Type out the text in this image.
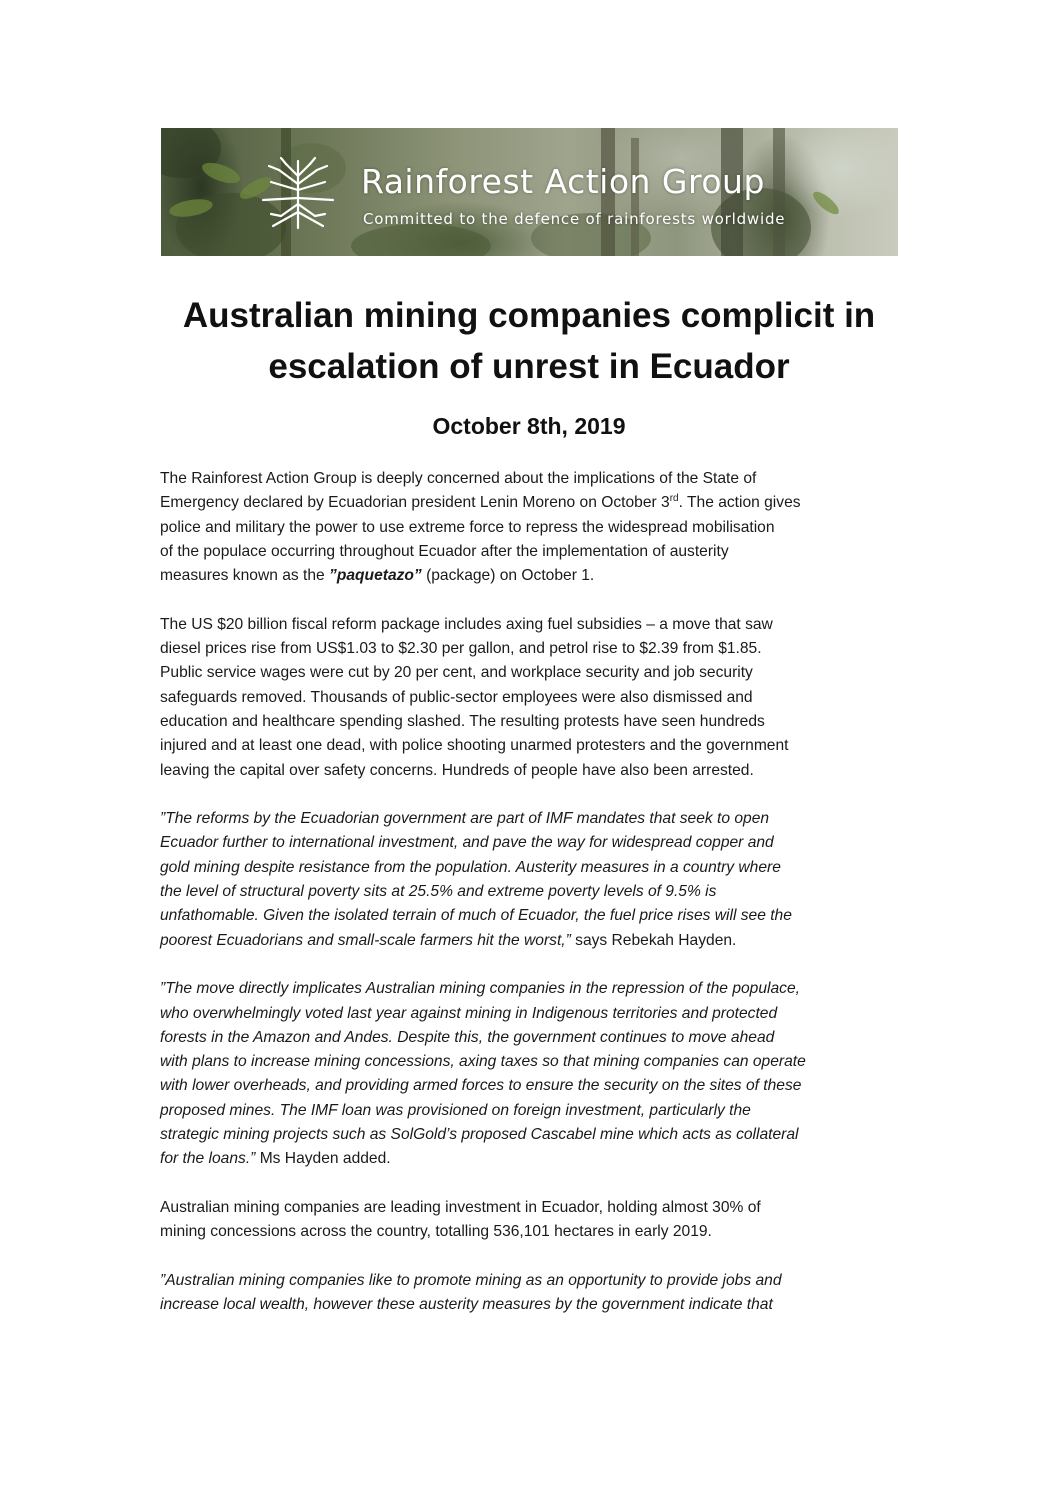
Rainforest Action Group
Committed to the defence of rainforests worldwide
Australian mining companies complicit in
escalation of unrest in Ecuador
October 8th, 2019

The Rainforest Action Group is deeply concerned about the implications of the State of
Emergency declared by Ecuadorian president Lenin Moreno on October 3rd. The action gives
police and military the power to use extreme force to repress the widespread mobilisation
of the populace occurring throughout Ecuador after the implementation of austerity
measures known as the ”paquetazo” (package) on October 1.

The US $20 billion fiscal reform package includes axing fuel subsidies – a move that saw
diesel prices rise from US$1.03 to $2.30 per gallon, and petrol rise to $2.39 from $1.85.
Public service wages were cut by 20 per cent, and workplace security and job security
safeguards removed. Thousands of public-sector employees were also dismissed and
education and healthcare spending slashed. The resulting protests have seen hundreds
injured and at least one dead, with police shooting unarmed protesters and the government
leaving the capital over safety concerns. Hundreds of people have also been arrested.

”The reforms by the Ecuadorian government are part of IMF mandates that seek to open
Ecuador further to international investment, and pave the way for widespread copper and
gold mining despite resistance from the population. Austerity measures in a country where
the level of structural poverty sits at 25.5% and extreme poverty levels of 9.5% is
unfathomable. Given the isolated terrain of much of Ecuador, the fuel price rises will see the
poorest Ecuadorians and small-scale farmers hit the worst,” says Rebekah Hayden.

”The move directly implicates Australian mining companies in the repression of the populace,
who overwhelmingly voted last year against mining in Indigenous territories and protected
forests in the Amazon and Andes. Despite this, the government continues to move ahead
with plans to increase mining concessions, axing taxes so that mining companies can operate
with lower overheads, and providing armed forces to ensure the security on the sites of these
proposed mines. The IMF loan was provisioned on foreign investment, particularly the
strategic mining projects such as SolGold’s proposed Cascabel mine which acts as collateral
for the loans.” Ms Hayden added.

Australian mining companies are leading investment in Ecuador, holding almost 30% of
mining concessions across the country, totalling 536,101 hectares in early 2019.

”Australian mining companies like to promote mining as an opportunity to provide jobs and
increase local wealth, however these austerity measures by the government indicate that
